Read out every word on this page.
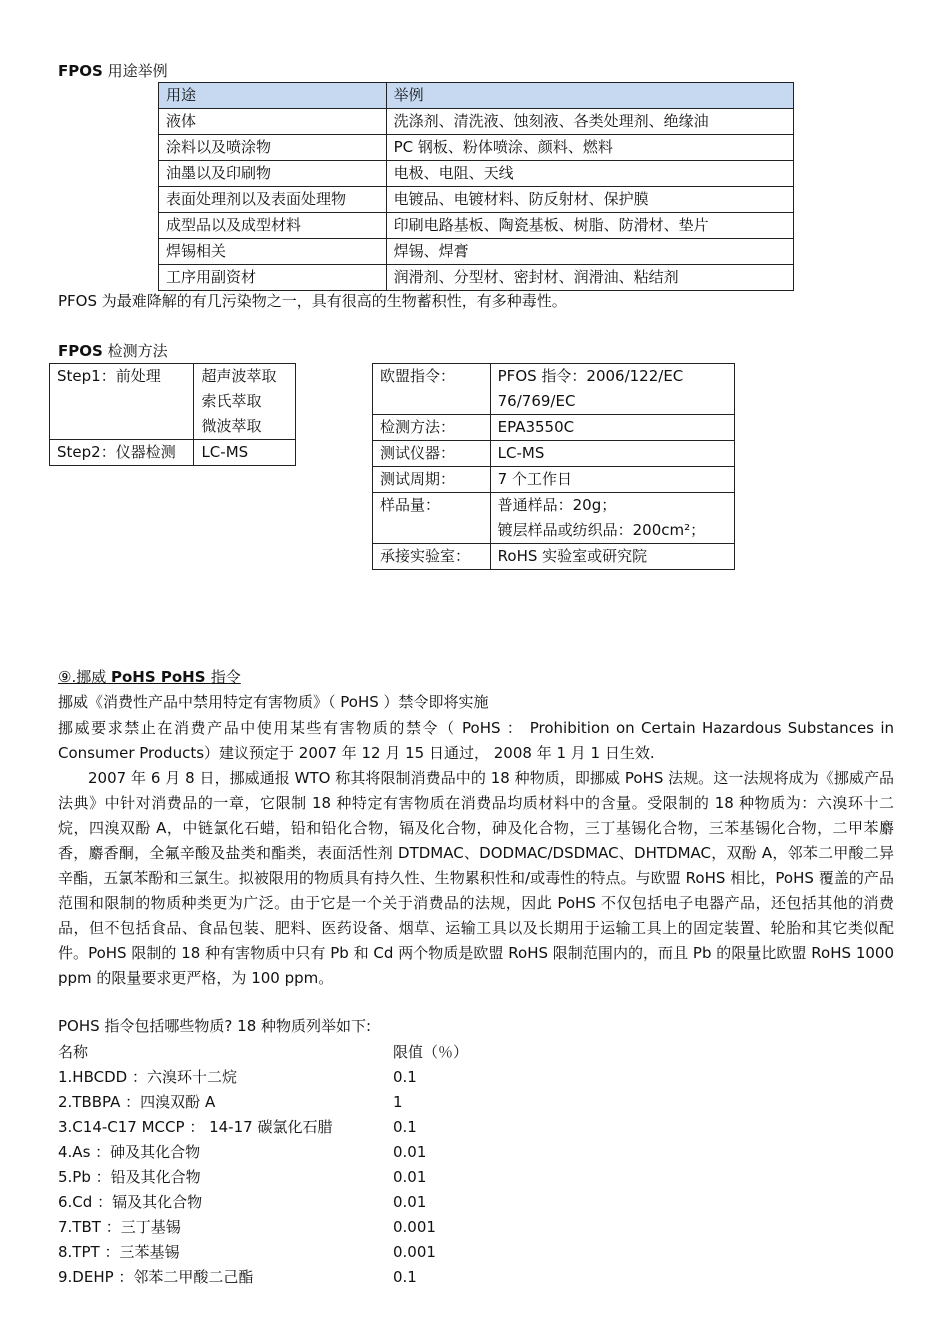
FPOS 用途举例
用途	举例
液体	洗涤剂、清洗液、蚀刻液、各类处理剂、绝缘油
涂料以及喷涂物	PC 钢板、粉体喷涂、颜料、燃料
油墨以及印刷物	电极、电阻、天线
表面处理剂以及表面处理物	电镀品、电镀材料、防反射材、保护膜
成型品以及成型材料	印刷电路基板、陶瓷基板、树脂、防滑材、垫片
焊锡相关	焊锡、焊膏
工序用副资材	润滑剂、分型材、密封材、润滑油、粘结剂
PFOS 为最难降解的有几污染物之一，具有很高的生物蓄积性，有多种毒性。
FPOS 检测方法
Step1：前处理	超声波萃取
索氏萃取
微波萃取

Step2：仪器检测	LC-MS
欧盟指令：	PFOS 指令：2006/122/EC
76/769/EC

检测方法：	EPA3550C
测试仪器：	LC-MS
测试周期：	7 个工作日
样品量：	普通样品：20g；
镀层样品或纺织品：200cm²；

承接实验室：	RoHS 实验室或研究院
⑨.挪威 PoHS PoHS 指令
挪威《消费性产品中禁用特定有害物质》（ PoHS ）禁令即将实施
挪威要求禁止在消费产品中使用某些有害物质的禁令（ PoHS ： Prohibition on Certain Hazardous Substances in Consumer Products）建议预定于 2007 年 12 月 15 日通过， 2008 年 1 月 1 日生效.
2007 年 6 月 8 日，挪威通报 WTO 称其将限制消费品中的 18 种物质，即挪威 PoHS 法规。这一法规将成为《挪威产品法典》中针对消费品的一章，它限制 18 种特定有害物质在消费品均质材料中的含量。受限制的 18 种物质为：六溴环十二烷，四溴双酚 A，中链氯化石蜡，铅和铅化合物，镉及化合物，砷及化合物，三丁基锡化合物，三苯基锡化合物，二甲苯麝香，麝香酮，全氟辛酸及盐类和酯类，表面活性剂 DTDMAC、DODMAC/DSDMAC、DHTDMAC，双酚 A，邻苯二甲酸二异辛酯，五氯苯酚和三氯生。拟被限用的物质具有持久性、生物累积性和/或毒性的特点。与欧盟 RoHS 相比，PoHS 覆盖的产品范围和限制的物质种类更为广泛。由于它是一个关于消费品的法规，因此 PoHS 不仅包括电子电器产品，还包括其他的消费品，但不包括食品、食品包装、肥料、医药设备、烟草、运输工具以及长期用于运输工具上的固定装置、轮胎和其它类似配件。PoHS 限制的 18 种有害物质中只有 Pb 和 Cd 两个物质是欧盟 RoHS 限制范围内的，而且 Pb 的限量比欧盟 RoHS 1000 ppm 的限量要求更严格，为 100 ppm。
POHS 指令包括哪些物质? 18 种物质列举如下:
名称	限值（％）
1.HBCDD ：六溴环十二烷	0.1
2.TBBPA ：四溴双酚 A	1
3.C14-C17 MCCP ： 14-17 碳氯化石腊	0.1
4.As ：砷及其化合物	0.01
5.Pb ：铅及其化合物	0.01
6.Cd ：镉及其化合物	0.01
7.TBT ：三丁基锡	0.001
8.TPT ：三苯基锡	0.001
9.DEHP ：邻苯二甲酸二己酯	0.1
